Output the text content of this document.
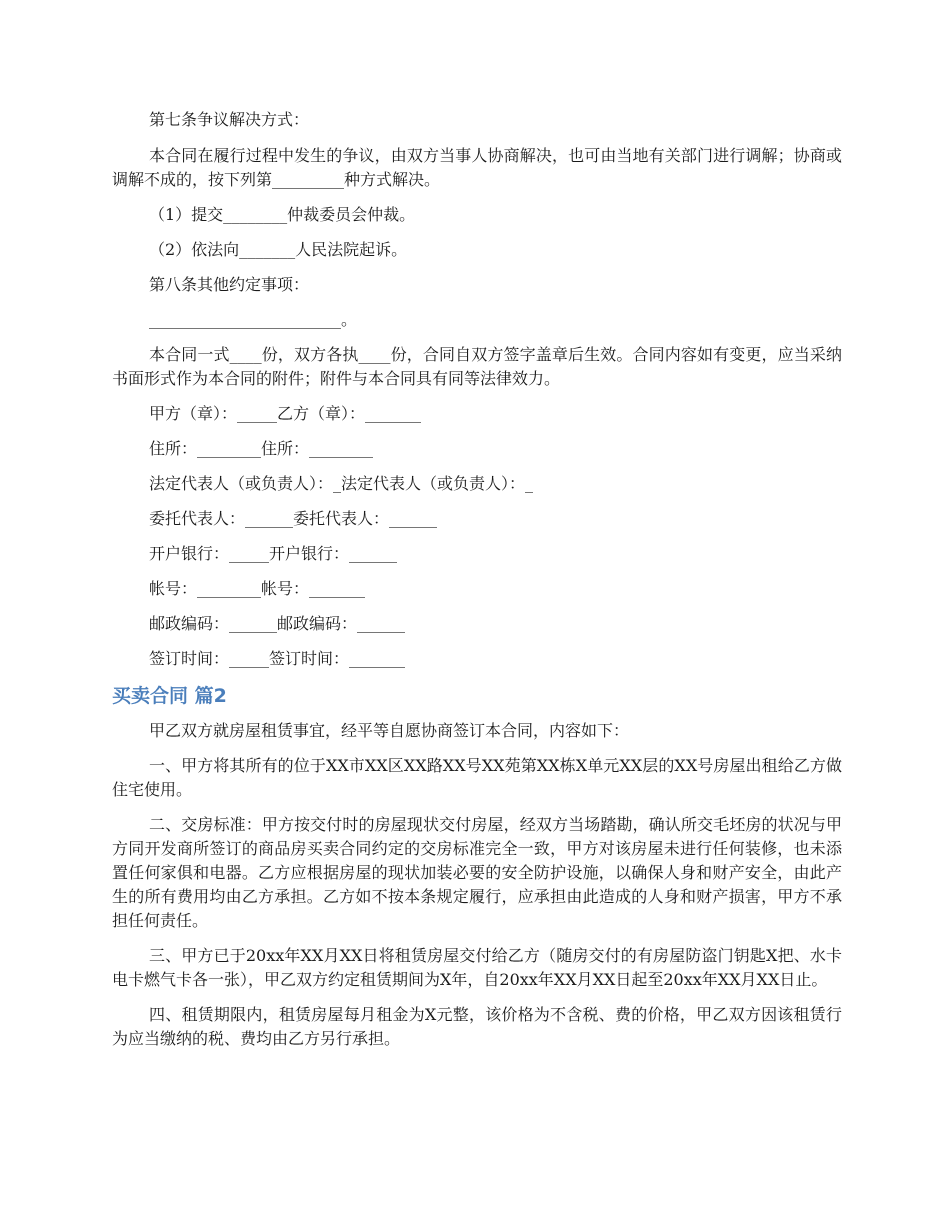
第七条争议解决方式：

本合同在履行过程中发生的争议，由双方当事人协商解决，也可由当地有关部门进行调解；协商或调解不成的，按下列第_________种方式解决。

（1）提交________仲裁委员会仲裁。

（2）依法向_______人民法院起诉。

第八条其他约定事项：

________________________。

本合同一式____份，双方各执____份，合同自双方签字盖章后生效。合同内容如有变更，应当采纳书面形式作为本合同的附件；附件与本合同具有同等法律效力。

甲方（章）：_____乙方（章）：_______

住所：________住所：________

法定代表人（或负责人）：_法定代表人（或负责人）：_

委托代表人：______委托代表人：______

开户银行：_____开户银行：______

帐号：________帐号：_______

邮政编码：______邮政编码：______

签订时间：_____签订时间：_______

买卖合同 篇2

甲乙双方就房屋租赁事宜，经平等自愿协商签订本合同，内容如下：

一、甲方将其所有的位于XX市XX区XX路XX号XX苑第XX栋X单元XX层的XX号房屋出租给乙方做住宅使用。

二、交房标准：甲方按交付时的房屋现状交付房屋，经双方当场踏勘，确认所交毛坯房的状况与甲方同开发商所签订的商品房买卖合同约定的交房标准完全一致，甲方对该房屋未进行任何装修，也未添置任何家俱和电器。乙方应根据房屋的现状加装必要的安全防护设施，以确保人身和财产安全，由此产生的所有费用均由乙方承担。乙方如不按本条规定履行，应承担由此造成的人身和财产损害，甲方不承担任何责任。

三、甲方已于20xx年XX月XX日将租赁房屋交付给乙方（随房交付的有房屋防盗门钥匙X把、水卡电卡燃气卡各一张），甲乙双方约定租赁期间为X年，自20xx年XX月XX日起至20xx年XX月XX日止。

四、租赁期限内，租赁房屋每月租金为X元整，该价格为不含税、费的价格，甲乙双方因该租赁行为应当缴纳的税、费均由乙方另行承担。
